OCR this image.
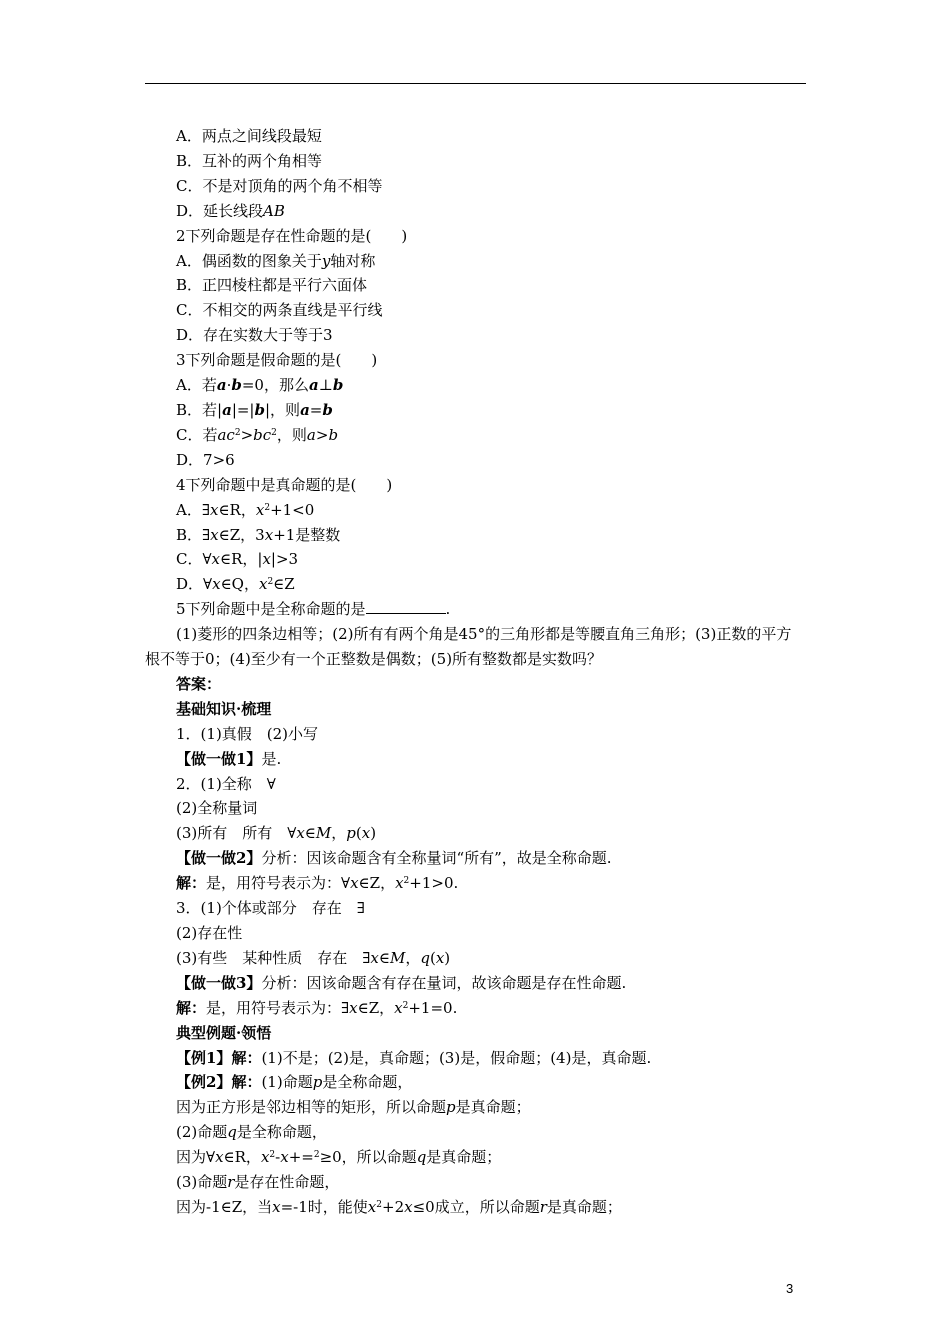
A．两点之间线段最短
B．互补的两个角相等
C．不是对顶角的两个角不相等
D．延长线段AB
2下列命题是存在性命题的是(　　)
A．偶函数的图象关于y轴对称
B．正四棱柱都是平行六面体
C．不相交的两条直线是平行线
D．存在实数大于等于3
3下列命题是假命题的是(　　)
A．若a·b=0，那么a⊥b
B．若|a|=|b|，则a=b
C．若$ac^2>bc^2$，则a>b
D．7>6
4下列命题中是真命题的是(　　)
A．∃x∈R，$x^2+1<0$
B．∃x∈Z，3x+1是整数
C．∀x∈R，|x|>3
D．∀x∈Q，$x^2\in Z$
5下列命题中是全称命题的是	.
(1)菱形的四条边相等；(2)所有有两个角是45°的三角形都是等腰直角三角形；(3)正数的平方根不等于0；(4)至少有一个正整数是偶数；(5)所有整数都是实数吗？
答案：
基础知识·梳理
1．(1)真假　(2)小写
【做一做1】是.
2．(1)全称　∀
(2)全称量词
(3)所有　所有　∀x∈M，p(x)
【做一做2】分析：因该命题含有全称量词“所有”，故是全称命题.
解：是，用符号表示为：∀x∈Z，$x^2+1>0$.
3．(1)个体或部分　存在　∃
(2)存在性
(3)有些　某种性质　存在　∃x∈M，q(x)
【做一做3】分析：因该命题含有存在量词，故该命题是存在性命题.
解：是，用符号表示为：∃x∈Z，$x^2+1=0$.
典型例题·领悟
【例1】解：(1)不是；(2)是，真命题；(3)是，假命题；(4)是，真命题.
【例2】解：(1)命题p是全称命题，
因为正方形是邻边相等的矩形，所以命题p是真命题；
(2)命题q是全称命题，
因为∀x∈R，$x^2-x+=^2\ge 0$，所以命题q是真命题；
(3)命题r是存在性命题，
因为-1∈Z，当x=-1时，能使$x^2+2x\le 0$成立，所以命题r是真命题；
3
